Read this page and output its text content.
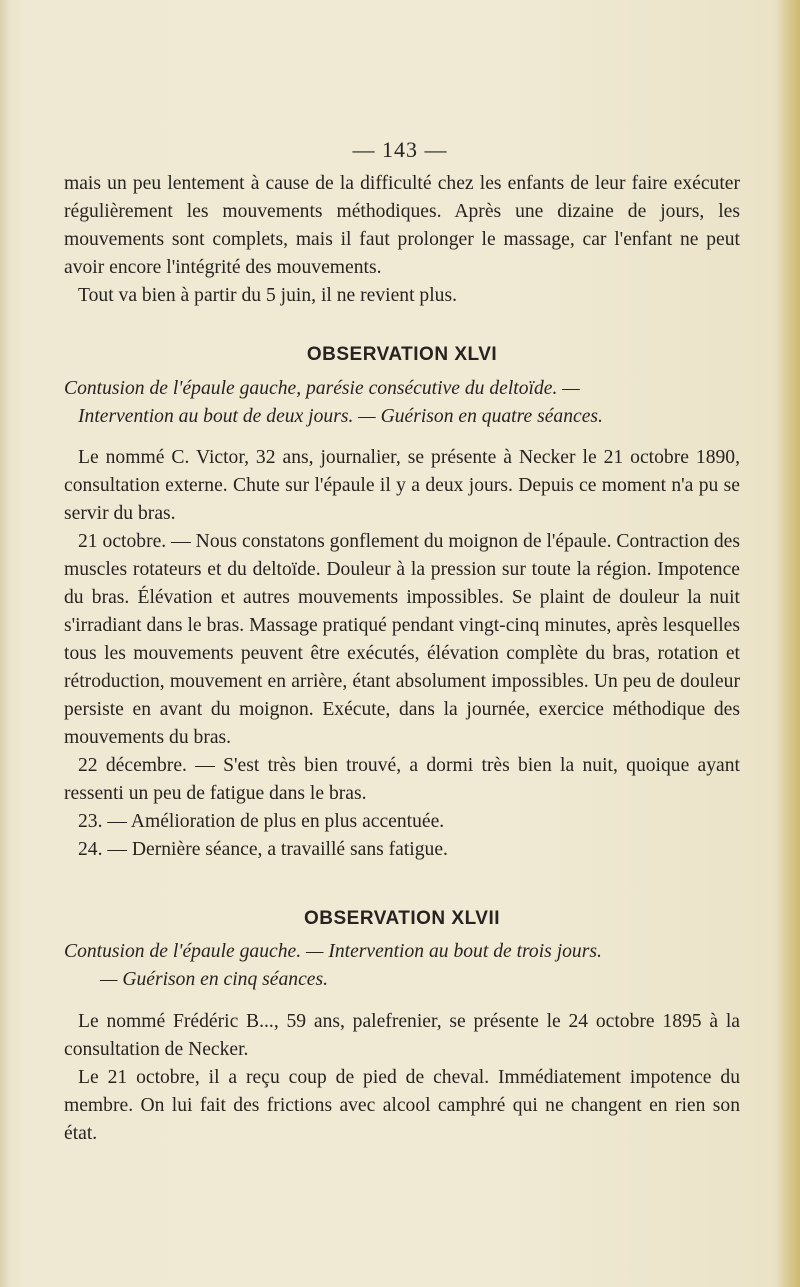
— 143 —

mais un peu lentement à cause de la difficulté chez les enfants de leur faire exécuter régulièrement les mouvements méthodiques. Après une dizaine de jours, les mouvements sont complets, mais il faut prolonger le massage, car l'enfant ne peut avoir encore l'intégrité des mouvements.

Tout va bien à partir du 5 juin, il ne revient plus.

OBSERVATION XLVI
Contusion de l'épaule gauche, parésie consécutive du deltoïde. —
Intervention au bout de deux jours. — Guérison en quatre séances.

Le nommé C. Victor, 32 ans, journalier, se présente à Necker le 21 octobre 1890, consultation externe. Chute sur l'épaule il y a deux jours. Depuis ce moment n'a pu se servir du bras.

21 octobre. — Nous constatons gonflement du moignon de l'épaule. Contraction des muscles rotateurs et du deltoïde. Douleur à la pression sur toute la région. Impotence du bras. Élévation et autres mouvements impossibles. Se plaint de douleur la nuit s'irradiant dans le bras. Massage pratiqué pendant vingt-cinq minutes, après lesquelles tous les mouvements peuvent être exécutés, élévation complète du bras, rotation et rétroduction, mouvement en arrière, étant absolument impossibles. Un peu de douleur persiste en avant du moignon. Exécute, dans la journée, exercice méthodique des mouvements du bras.

22 décembre. — S'est très bien trouvé, a dormi très bien la nuit, quoique ayant ressenti un peu de fatigue dans le bras.

23. — Amélioration de plus en plus accentuée.

24. — Dernière séance, a travaillé sans fatigue.

OBSERVATION XLVII
Contusion de l'épaule gauche. — Intervention au bout de trois jours.
— Guérison en cinq séances.

Le nommé Frédéric B..., 59 ans, palefrenier, se présente le 24 octobre 1895 à la consultation de Necker.

Le 21 octobre, il a reçu coup de pied de cheval. Immédiatement impotence du membre. On lui fait des frictions avec alcool camphré qui ne changent en rien son état.
